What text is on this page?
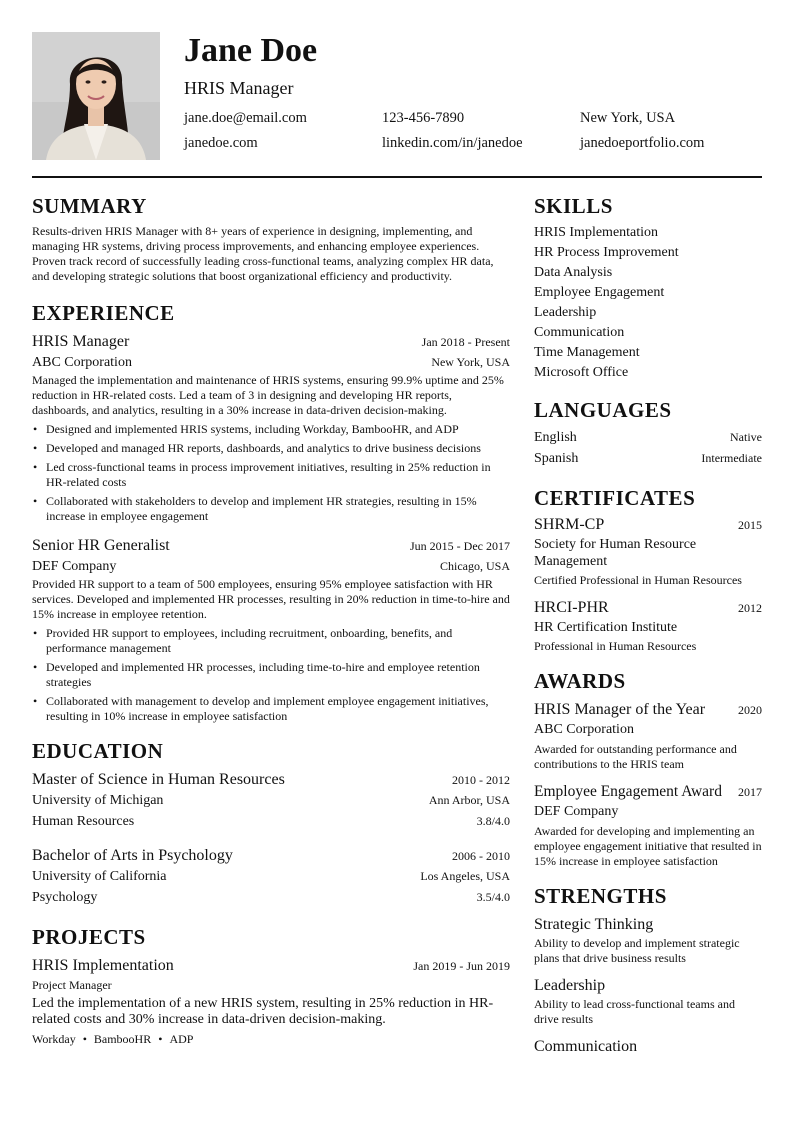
Jane Doe
HRIS Manager
jane.doe@email.com	123-456-7890	New York, USA
janedoe.com	linkedin.com/in/janedoe	janedoeportfolio.com
SUMMARY

Results-driven HRIS Manager with 8+ years of experience in designing, implementing, and managing HR systems, driving process improvements, and enhancing employee experiences. Proven track record of successfully leading cross-functional teams, analyzing complex HR data, and developing strategic solutions that boost organizational efficiency and productivity.

EXPERIENCE
HRIS Manager	Jan 2018 - Present
ABC Corporation	New York, USA

Managed the implementation and maintenance of HRIS systems, ensuring 99.9% uptime and 25% reduction in HR-related costs. Led a team of 3 in designing and developing HR reports, dashboards, and analytics, resulting in a 30% increase in data-driven decision-making.

• Designed and implemented HRIS systems, including Workday, BambooHR, and ADP
• Developed and managed HR reports, dashboards, and analytics to drive business decisions
• Led cross-functional teams in process improvement initiatives, resulting in 25% reduction in HR-related costs
• Collaborated with stakeholders to develop and implement HR strategies, resulting in 15% increase in employee engagement
Senior HR Generalist	Jun 2015 - Dec 2017
DEF Company	Chicago, USA

Provided HR support to a team of 500 employees, ensuring 95% employee satisfaction with HR services. Developed and implemented HR processes, resulting in 20% reduction in time-to-hire and 15% increase in employee retention.

• Provided HR support to employees, including recruitment, onboarding, benefits, and performance management
• Developed and implemented HR processes, including time-to-hire and employee retention strategies
• Collaborated with management to develop and implement employee engagement initiatives, resulting in 10% increase in employee satisfaction
EDUCATION
Master of Science in Human Resources	2010 - 2012
University of Michigan	Ann Arbor, USA
Human Resources	3.8/4.0
Bachelor of Arts in Psychology	2006 - 2010
University of California	Los Angeles, USA
Psychology	3.5/4.0
PROJECTS
HRIS Implementation	Jan 2019 - Jun 2019
Project Manager

Led the implementation of a new HRIS system, resulting in 25% reduction in HR-related costs and 30% increase in data-driven decision-making.

Workday • BambooHR • ADP
SKILLS
HRIS Implementation
HR Process Improvement
Data Analysis
Employee Engagement
Leadership
Communication
Time Management
Microsoft Office
LANGUAGES
English	Native
Spanish	Intermediate
CERTIFICATES
SHRM-CP	2015
Society for Human Resource Management
Certified Professional in Human Resources
HRCI-PHR	2012
HR Certification Institute
Professional in Human Resources
AWARDS
HRIS Manager of the Year	2020
ABC Corporation
Awarded for outstanding performance and contributions to the HRIS team
Employee Engagement Award 2017
DEF Company
Awarded for developing and implementing an employee engagement initiative that resulted in 15% increase in employee satisfaction
STRENGTHS
Strategic Thinking
Ability to develop and implement strategic plans that drive business results
Leadership
Ability to lead cross-functional teams and drive results
Communication
